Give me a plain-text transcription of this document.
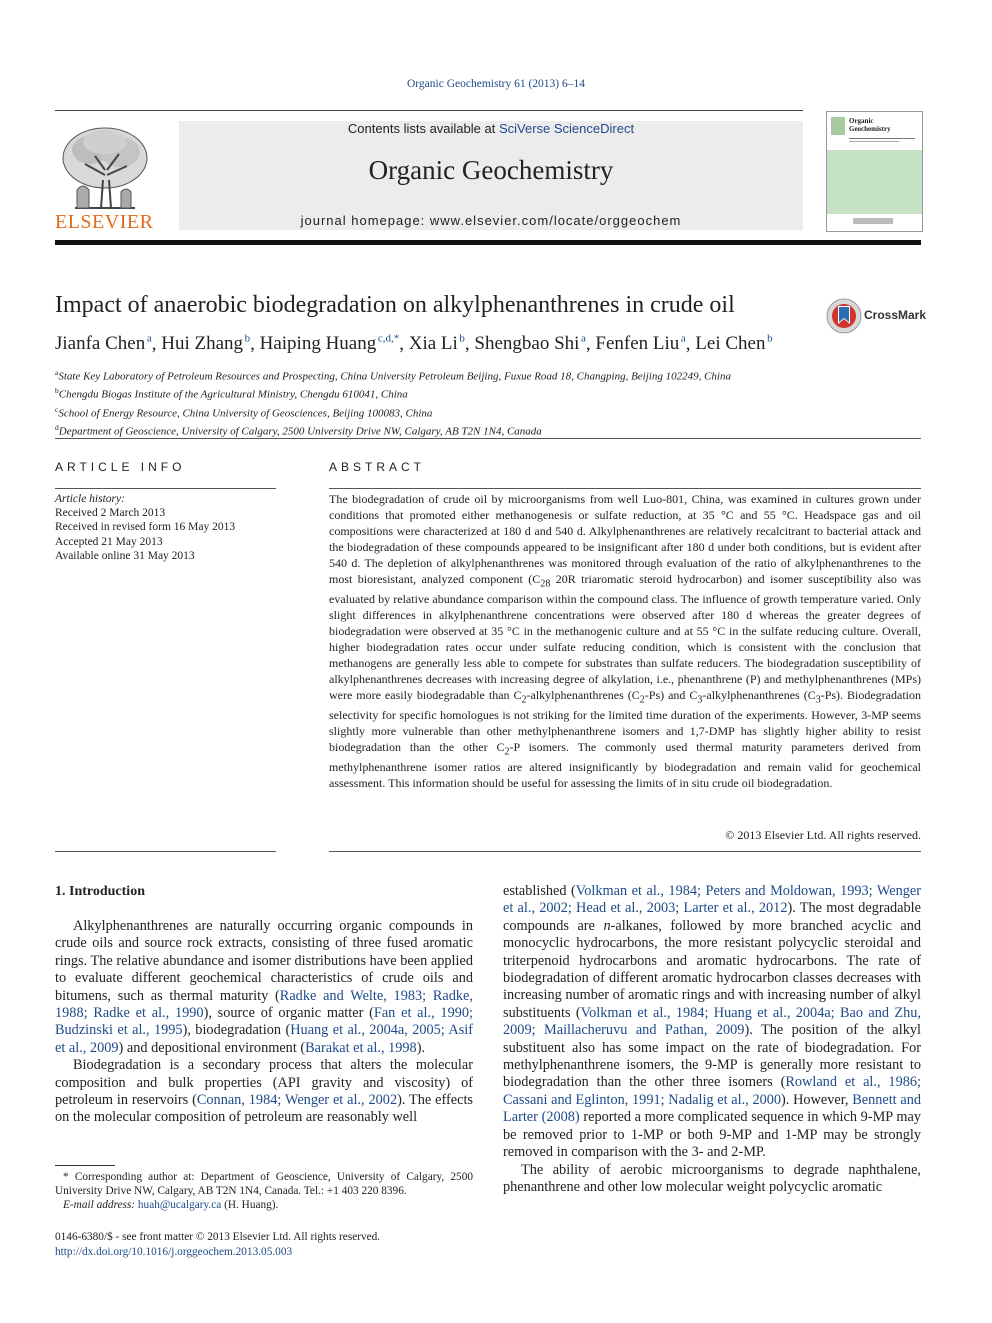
Organic Geochemistry 61 (2013) 6–14
ELSEVIER
Contents lists available at SciVerse ScienceDirect
Organic Geochemistry
journal homepage: www.elsevier.com/locate/orggeochem
Organic Geochemistry
Impact of anaerobic biodegradation on alkylphenanthrenes in crude oil	CrossMark
Jianfa Chen  $^a$, Hui Zhang  $^b$, Haiping Huang  $^{c,d,*}$, Xia Li  $^b$, Shengbao Shi  $^a$, Fenfen Liu  $^a$, Lei Chen  $^b$
$^a$State Key Laboratory of Petroleum Resources and Prospecting, China University Petroleum Beijing, Fuxue Road 18, Changping, Beijing 102249, China
$^b$Chengdu Biogas Institute of the Agricultural Ministry, Chengdu 610041, China
$^c$School of Energy Resource, China University of Geosciences, Beijing 100083, China
$^d$Department of Geoscience, University of Calgary, 2500 University Drive NW, Calgary, AB T2N 1N4, Canada
ARTICLE INFO
Article history:
Received 2 March 2013
Received in revised form 16 May 2013
Accepted 21 May 2013
Available online 31 May 2013
ABSTRACT
The biodegradation of crude oil by microorganisms from well Luo-801, China, was examined in cultures grown under conditions that promoted either methanogenesis or sulfate reduction, at 35 °C and 55 °C. Headspace gas and oil compositions were characterized at 180 d and 540 d. Alkylphenanthrenes are relatively recalcitrant to bacterial attack and the biodegradation of these compounds appeared to be insignificant after 180 d under both conditions, but is evident after 540 d. The depletion of alkylphenanthrenes was monitored through evaluation of the ratio of alkylphenanthrenes to the most bioresistant, analyzed component ($C_{28}$ 20R triaromatic steroid hydrocarbon) and isomer susceptibility also was evaluated by relative abundance comparison within the compound class. The influence of growth temperature varied. Only slight differences in alkylphenanthrene concentrations were observed after 180 d whereas the greater degrees of biodegradation were observed at 35 °C in the methanogenic culture and at 55 °C in the sulfate reducing culture. Overall, higher biodegradation rates occur under sulfate reducing condition, which is consistent with the conclusion that methanogens are generally less able to compete for substrates than sulfate reducers. The biodegradation susceptibility of alkylphenanthrenes decreases with increasing degree of alkylation, i.e., phenanthrene (P) and methylphenanthrenes (MPs) were more easily biodegradable than $C_2$-alkylphenanthrenes $(C_2-Ps)$ and $C_3$-alkylphenanthrenes $(C_3-Ps)$. Biodegradation selectivity for specific homologues is not striking for the limited time duration of the experiments. However, 3-MP seems slightly more vulnerable than other methylphenanthrene isomers and 1,7-DMP has slightly higher ability to resist biodegradation than the other $C_2-P$ isomers. The commonly used thermal maturity parameters derived from methylphenanthrene isomer ratios are altered insignificantly by biodegradation and remain valid for geochemical assessment. This information should be useful for assessing the limits of in situ crude oil biodegradation.
© 2013 Elsevier Ltd. All rights reserved.
1. Introduction

Alkylphenanthrenes are naturally occurring organic compounds in crude oils and source rock extracts, consisting of three fused aromatic rings. The relative abundance and isomer distributions have been applied to evaluate different geochemical characteristics of crude oils and bitumens, such as thermal maturity (Radke and Welte, 1983; Radke, 1988; Radke et al., 1990), source of organic matter (Fan et al., 1990; Budzinski et al., 1995), biodegradation (Huang et al., 2004a, 2005; Asif et al., 2009) and depositional environment (Barakat et al., 1998).

Biodegradation is a secondary process that alters the molecular composition and bulk properties (API gravity and viscosity) of petroleum in reservoirs (Connan, 1984; Wenger et al., 2002). The effects on the molecular composition of petroleum are reasonably well

established (Volkman et al., 1984; Peters and Moldowan, 1993; Wenger et al., 2002; Head et al., 2003; Larter et al., 2012). The most degradable compounds are n-alkanes, followed by more branched acyclic and monocyclic hydrocarbons, the more resistant polycyclic steroidal and triterpenoid hydrocarbons and aromatic hydrocarbons. The rate of biodegradation of different aromatic hydrocarbon classes decreases with increasing number of aromatic rings and with increasing number of alkyl substituents (Volkman et al., 1984; Huang et al., 2004a; Bao and Zhu, 2009; Maillacheruvu and Pathan, 2009). The position of the alkyl substituent also has some impact on the rate of biodegradation. For methylphenanthrene isomers, the 9-MP is generally more resistant to biodegradation than the other three isomers (Rowland et al., 1986; Cassani and Eglinton, 1991; Nadalig et al., 2000). However, Bennett and Larter (2008) reported a more complicated sequence in which 9-MP may be removed prior to 1-MP or both 9-MP and 1-MP may be strongly removed in comparison with the 3- and 2-MP.

The ability of aerobic microorganisms to degrade naphthalene, phenanthrene and other low molecular weight polycyclic aromatic

* Corresponding author at: Department of Geoscience, University of Calgary, 2500 University Drive NW, Calgary, AB T2N 1N4, Canada. Tel.: +1 403 220 8396.
E-mail address: huah@ucalgary.ca (H. Huang).
0146-6380/$ - see front matter © 2013 Elsevier Ltd. All rights reserved.
http://dx.doi.org/10.1016/j.orggeochem.2013.05.003
